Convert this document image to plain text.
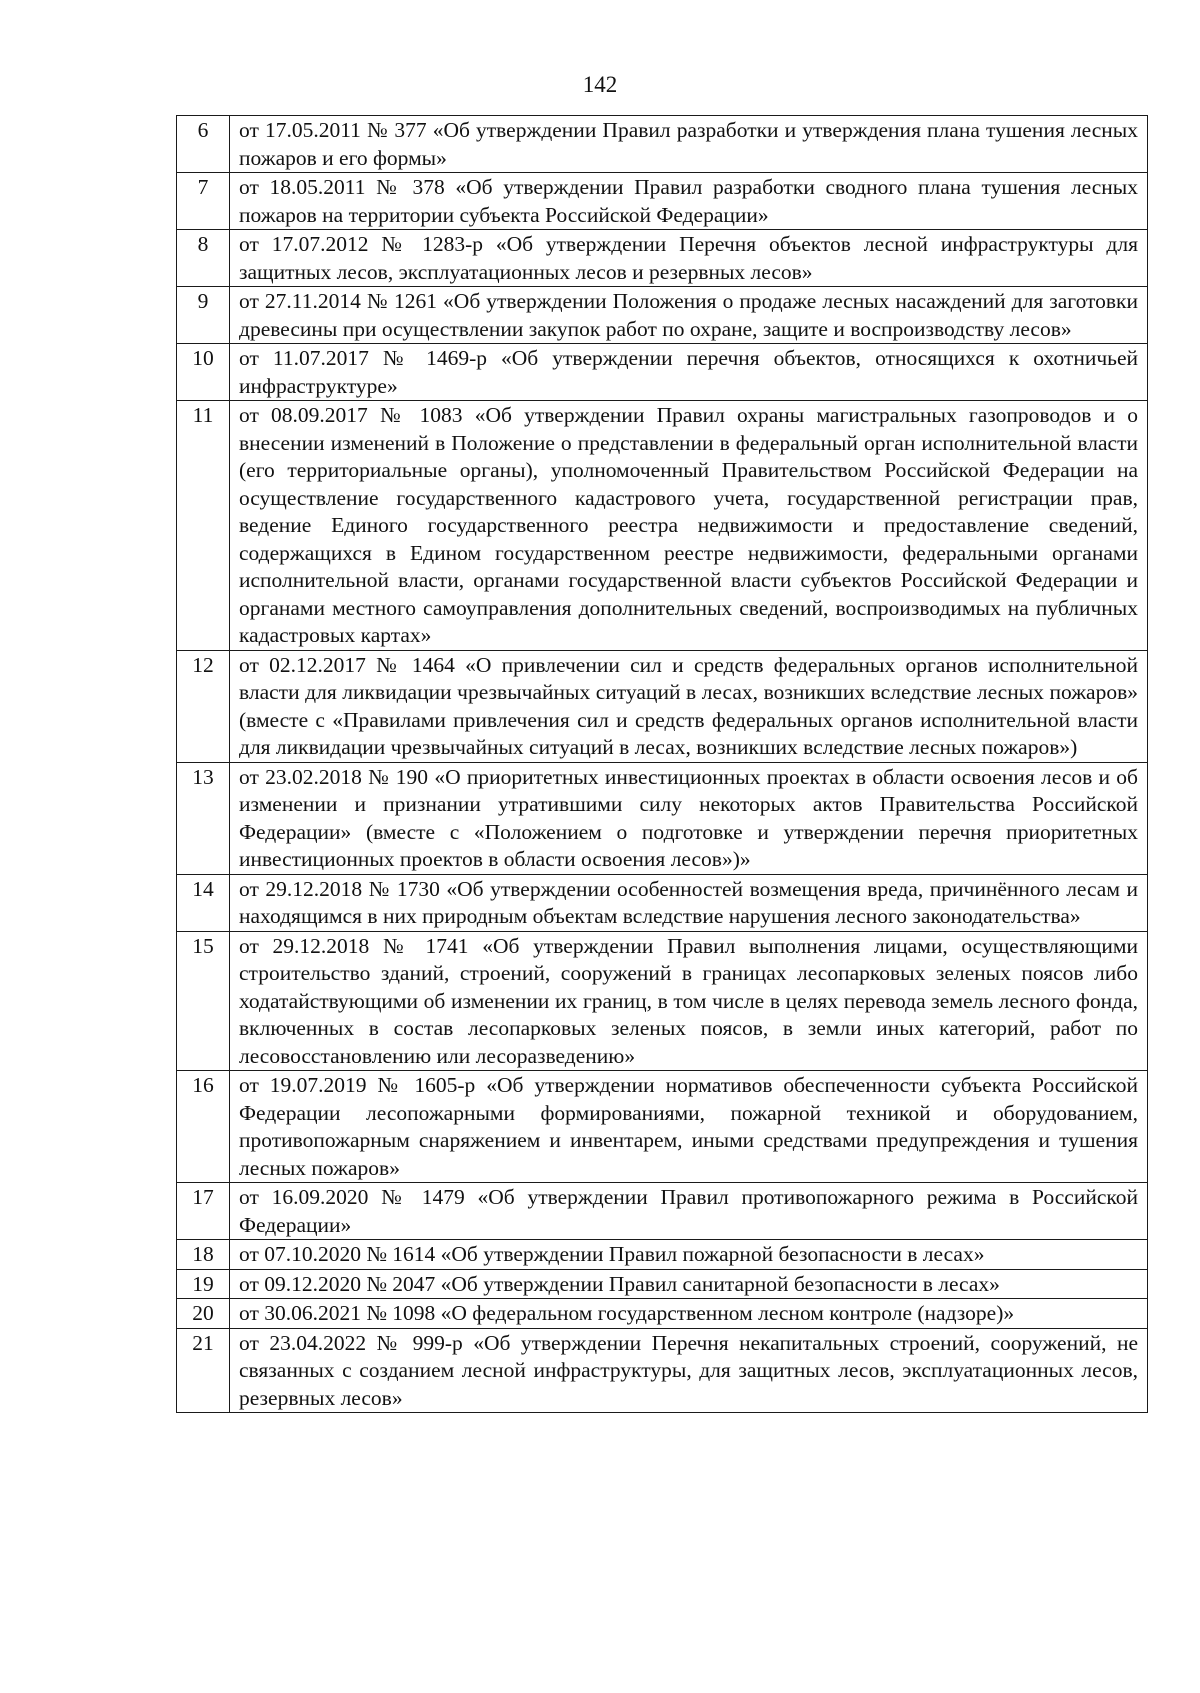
142
6	от 17.05.2011 № 377 «Об утверждении Правил разработки и утверждения плана тушения лесных пожаров и его формы»
7	от 18.05.2011 № 378 «Об утверждении Правил разработки сводного плана тушения лесных пожаров на территории субъекта Российской Федерации»
8	от 17.07.2012 № 1283-р «Об утверждении Перечня объектов лесной инфраструктуры для защитных лесов, эксплуатационных лесов и резервных лесов»
9	от 27.11.2014 № 1261 «Об утверждении Положения о продаже лесных насаждений для заготовки древесины при осуществлении закупок работ по охране, защите и воспроизводству лесов»
10	от 11.07.2017 № 1469-р «Об утверждении перечня объектов, относящихся к охотничьей инфраструктуре»
11	от 08.09.2017 № 1083 «Об утверждении Правил охраны магистральных газопроводов и о внесении изменений в Положение о представлении в федеральный орган исполнительной власти (его территориальные органы), уполномоченный Правительством Российской Федерации на осуществление государственного кадастрового учета, государственной регистрации прав, ведение Единого государственного реестра недвижимости и предоставление сведений, содержащихся в Едином государственном реестре недвижимости, федеральными органами исполнительной власти, органами государственной власти субъектов Российской Федерации и органами местного самоуправления дополнительных сведений, воспроизводимых на публичных кадастровых картах»
12	от 02.12.2017 № 1464 «О привлечении сил и средств федеральных органов исполнительной власти для ликвидации чрезвычайных ситуаций в лесах, возникших вследствие лесных пожаров» (вместе с «Правилами привлечения сил и средств федеральных органов исполнительной власти для ликвидации чрезвычайных ситуаций в лесах, возникших вследствие лесных пожаров»)
13	от 23.02.2018 № 190 «О приоритетных инвестиционных проектах в области освоения лесов и об изменении и признании утратившими силу некоторых актов Правительства Российской Федерации» (вместе с «Положением о подготовке и утверждении перечня приоритетных инвестиционных проектов в области освоения лесов»)»
14	от 29.12.2018 № 1730 «Об утверждении особенностей возмещения вреда, причинённого лесам и находящимся в них природным объектам вследствие нарушения лесного законодательства»
15	от 29.12.2018 № 1741 «Об утверждении Правил выполнения лицами, осуществляющими строительство зданий, строений, сооружений в границах лесопарковых зеленых поясов либо ходатайствующими об изменении их границ, в том числе в целях перевода земель лесного фонда, включенных в состав лесопарковых зеленых поясов, в земли иных категорий, работ по лесовосстановлению или лесоразведению»
16	от 19.07.2019 № 1605-р «Об утверждении нормативов обеспеченности субъекта Российской Федерации лесопожарными формированиями, пожарной техникой и оборудованием, противопожарным снаряжением и инвентарем, иными средствами предупреждения и тушения лесных пожаров»
17	от 16.09.2020 № 1479 «Об утверждении Правил противопожарного режима в Российской Федерации»
18	от 07.10.2020 № 1614 «Об утверждении Правил пожарной безопасности в лесах»
19	от 09.12.2020 № 2047 «Об утверждении Правил санитарной безопасности в лесах»
20	от 30.06.2021 № 1098 «О федеральном государственном лесном контроле (надзоре)»
21	от 23.04.2022 № 999-р «Об утверждении Перечня некапитальных строений, сооружений, не связанных с созданием лесной инфраструктуры, для защитных лесов, эксплуатационных лесов, резервных лесов»
